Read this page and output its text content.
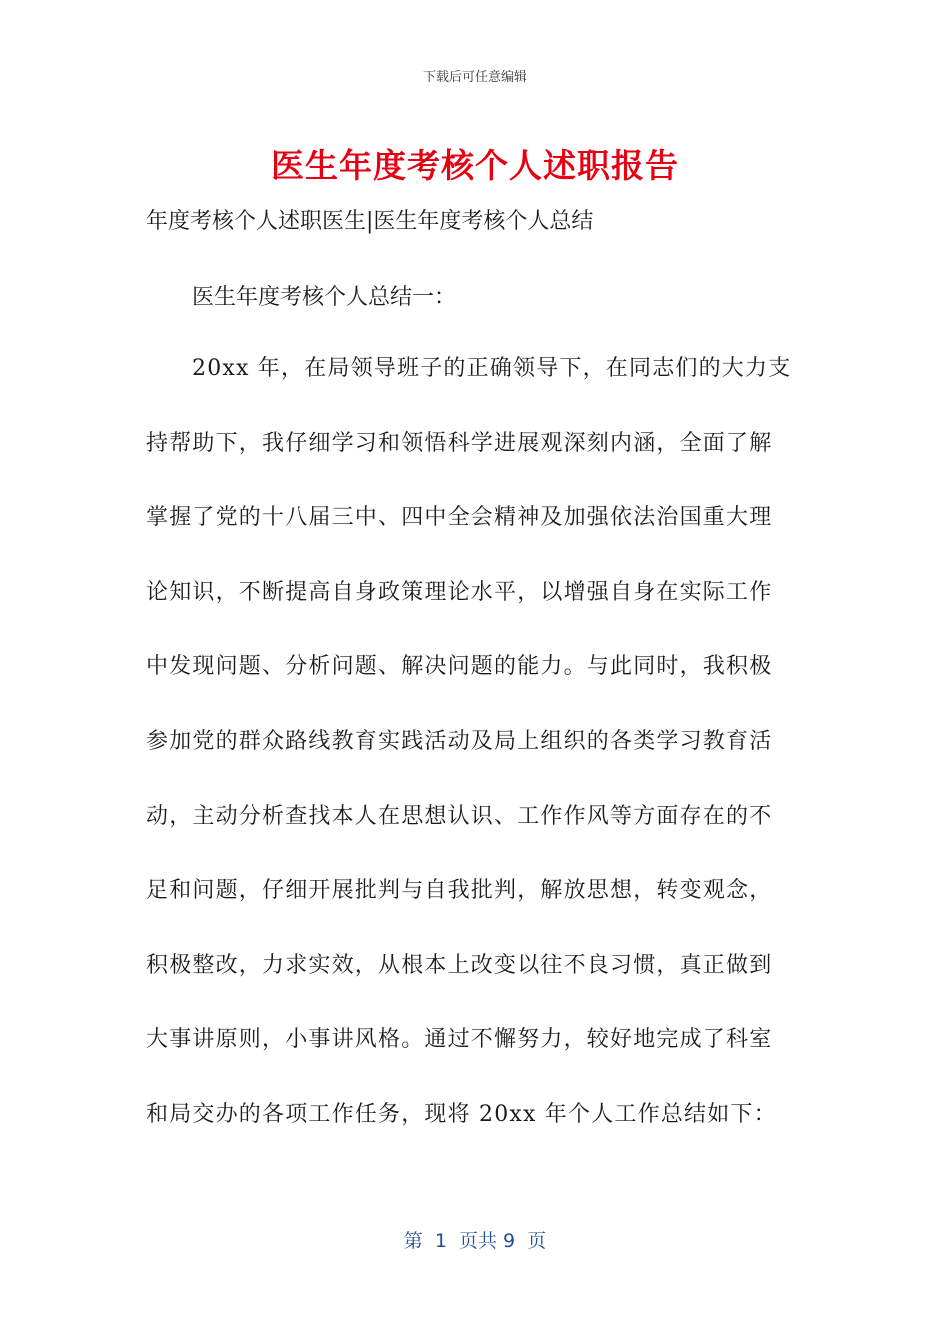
下载后可任意编辑
医生年度考核个人述职报告
年度考核个人述职医生|医生年度考核个人总结
医生年度考核个人总结一：
20xx 年，在局领导班子的正确领导下，在同志们的大力支
持帮助下，我仔细学习和领悟科学进展观深刻内涵，全面了解
掌握了党的十八届三中、四中全会精神及加强依法治国重大理
论知识，不断提高自身政策理论水平，以增强自身在实际工作
中发现问题、分析问题、解决问题的能力。与此同时，我积极
参加党的群众路线教育实践活动及局上组织的各类学习教育活
动，主动分析查找本人在思想认识、工作作风等方面存在的不
足和问题，仔细开展批判与自我批判，解放思想，转变观念，
积极整改，力求实效，从根本上改变以往不良习惯，真正做到
大事讲原则，小事讲风格。通过不懈努力，较好地完成了科室
和局交办的各项工作任务，现将 20xx 年个人工作总结如下：
第  1  页共 9  页
